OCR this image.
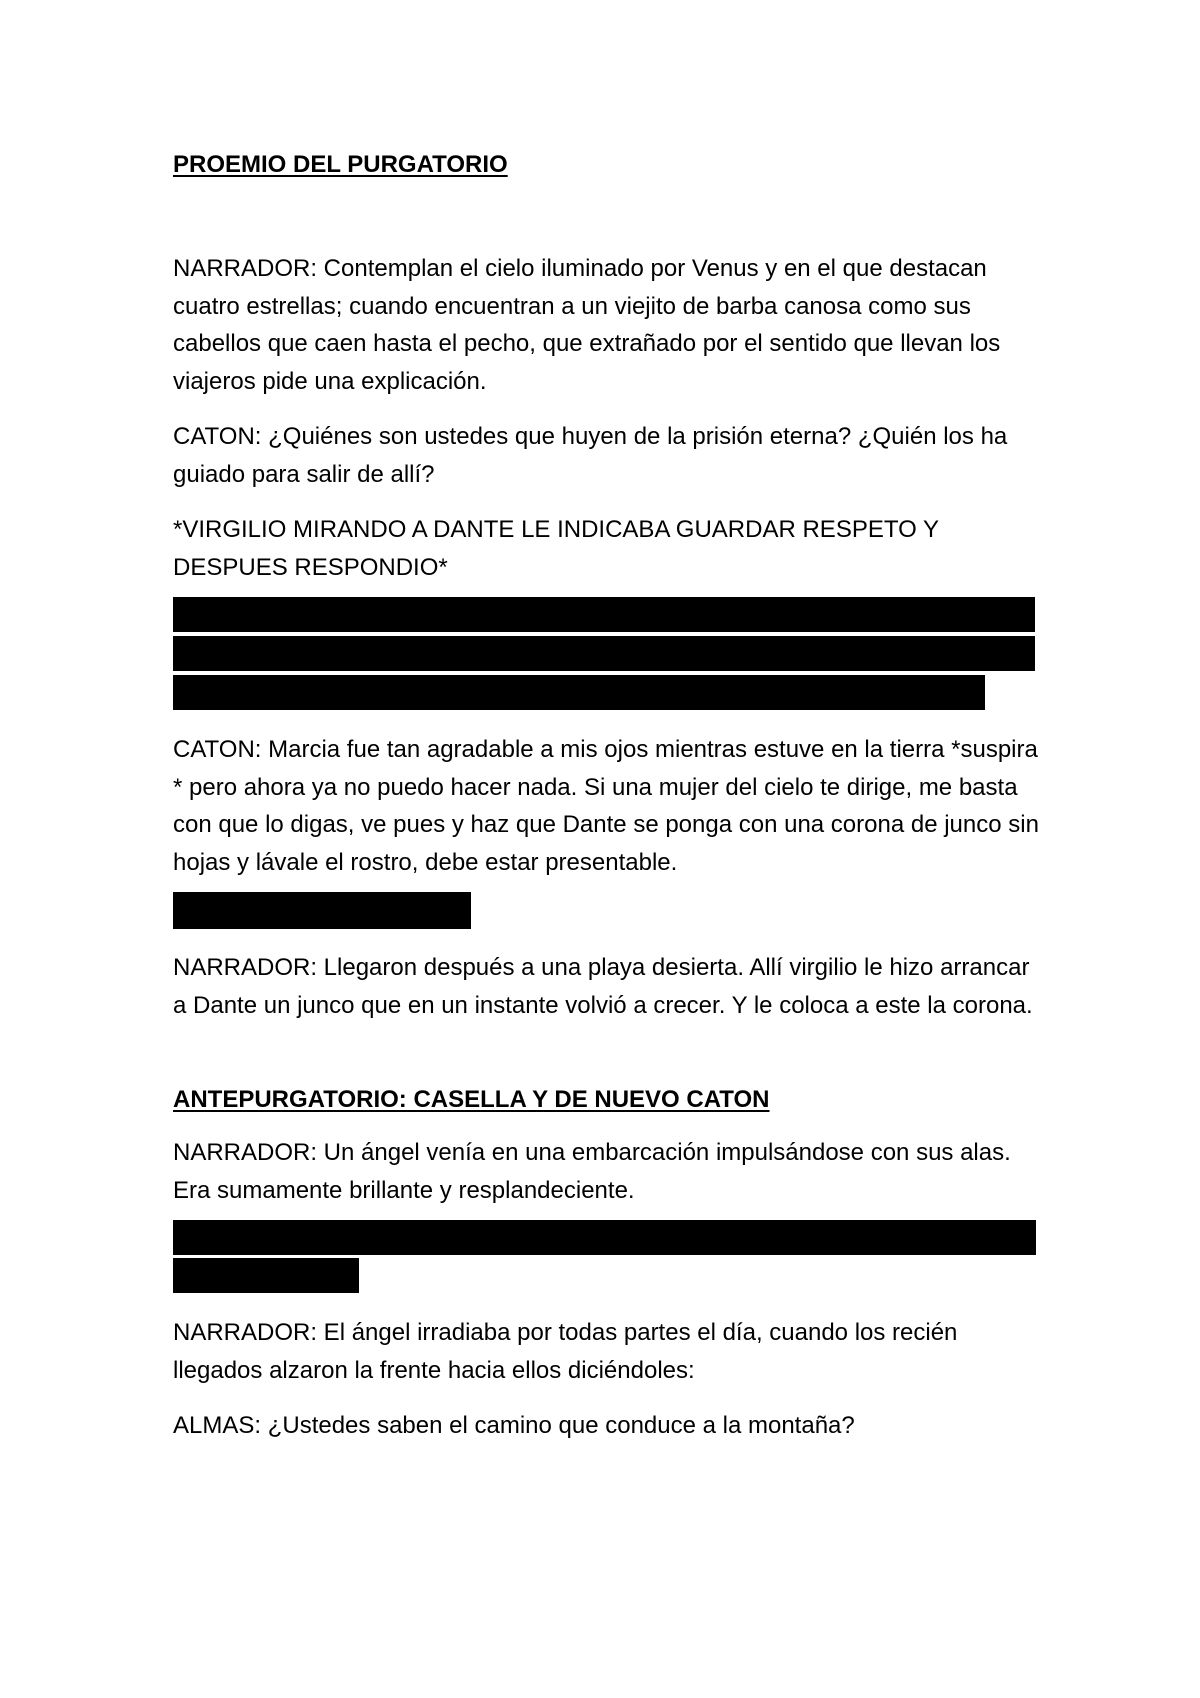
PROEMIO DEL PURGATORIO

NARRADOR: Contemplan el cielo iluminado por Venus y en el que destacan cuatro estrellas; cuando encuentran a un viejito de barba canosa como sus cabellos que caen hasta el pecho, que extrañado por el sentido que llevan los viajeros pide una explicación.

CATON: ¿Quiénes son ustedes que huyen de la prisión eterna? ¿Quién los ha guiado para salir de allí?

*VIRGILIO MIRANDO A DANTE LE INDICABA GUARDAR RESPETO Y DESPUES RESPONDIO*

CATON: Marcia fue tan agradable a mis ojos mientras estuve en la tierra *suspira * pero ahora ya no puedo hacer nada. Si una mujer del cielo te dirige, me basta con que lo digas, ve pues y haz que Dante se ponga con una corona de junco sin hojas y lávale el rostro, debe estar presentable.

NARRADOR: Llegaron después a una playa desierta. Allí virgilio le hizo arrancar a Dante un junco que en un instante volvió a crecer. Y le coloca a este la corona.

ANTEPURGATORIO: CASELLA Y DE NUEVO CATON

NARRADOR: Un ángel venía en una embarcación impulsándose con sus alas. Era sumamente brillante y resplandeciente.

NARRADOR: El ángel irradiaba por todas partes el día, cuando los recién llegados alzaron la frente hacia ellos diciéndoles:

ALMAS: ¿Ustedes saben el camino que conduce a la montaña?
